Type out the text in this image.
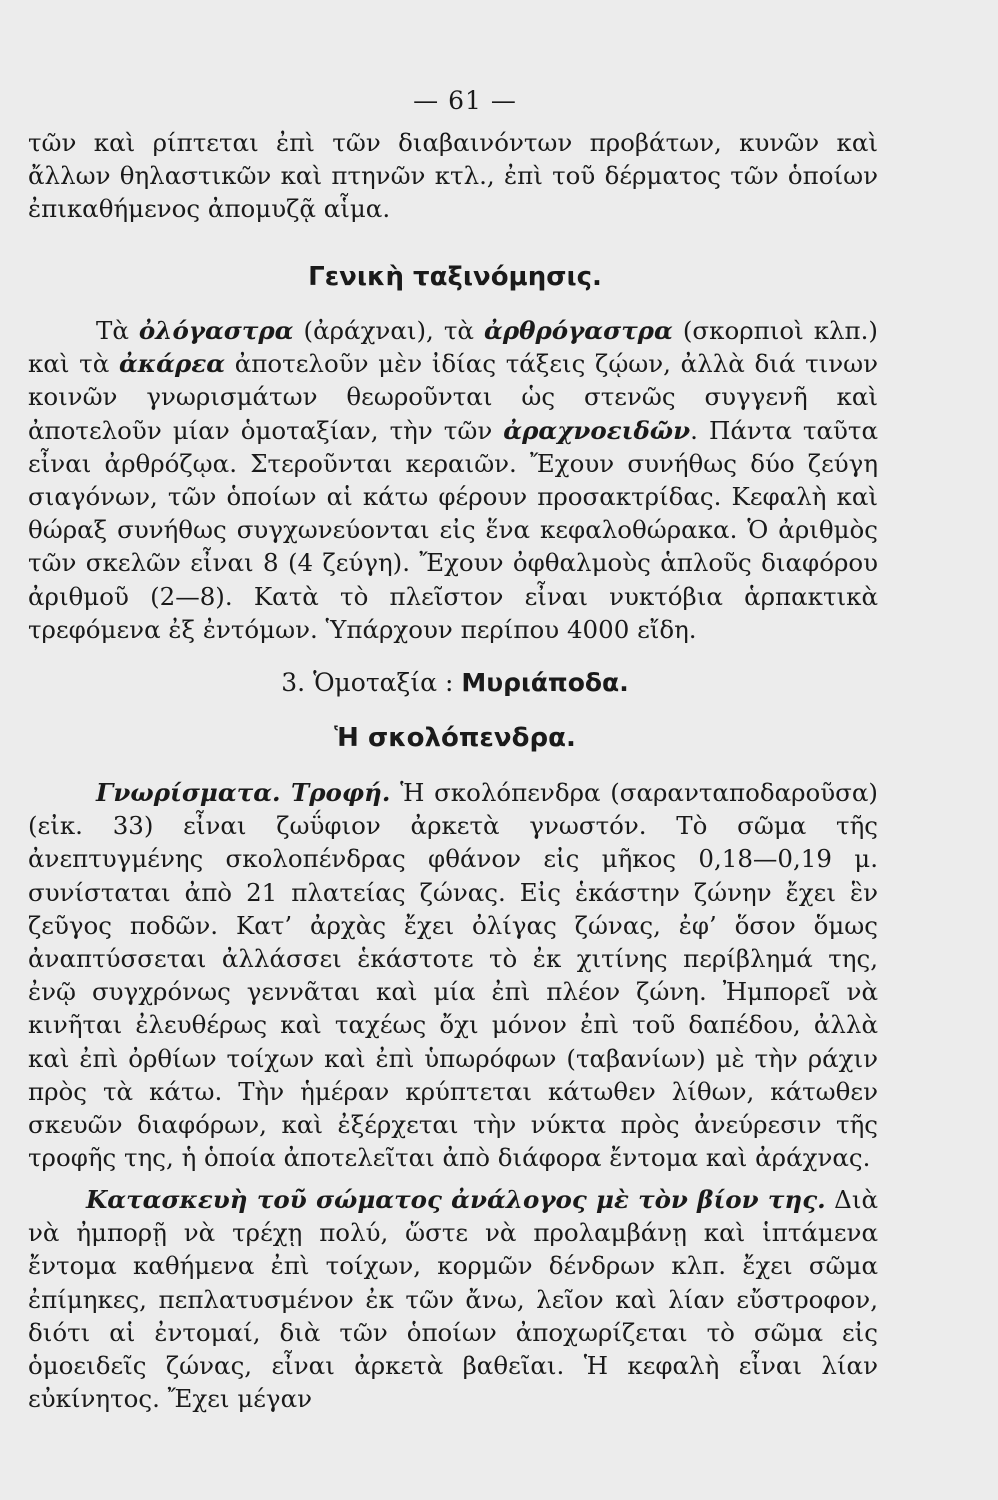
— 61 —

τῶν καὶ ρίπτεται ἐπὶ τῶν διαβαινόντων προβάτων, κυνῶν καὶ ἄλλων θηλαστικῶν καὶ πτηνῶν κτλ., ἐπὶ τοῦ δέρματος τῶν ὁποίων ἐπικαθήμενος ἀπομυζᾷ αἷμα.

Γενικὴ ταξινόμησις.

Τὰ ὀλόγαστρα (ἀράχναι), τὰ ἀρθρόγαστρα (σκορπιοὶ κλπ.) καὶ τὰ ἀκάρεα ἀποτελοῦν μὲν ἰδίας τάξεις ζῴων, ἀλλὰ διά τινων κοινῶν γνωρισμάτων θεωροῦνται ὡς στενῶς συγγενῆ καὶ ἀποτελοῦν μίαν ὁμοταξίαν, τὴν τῶν ἀραχνοειδῶν. Πάντα ταῦτα εἶναι ἀρθρόζῳα. Στεροῦνται κεραιῶν. Ἔχουν συνήθως δύο ζεύγη σιαγόνων, τῶν ὁποίων αἱ κάτω φέρουν προσακτρίδας. Κεφαλὴ καὶ θώραξ συνήθως συγχωνεύονται εἰς ἕνα κεφαλοθώρακα. Ὁ ἀριθμὸς τῶν σκελῶν εἶναι 8 (4 ζεύγη). Ἔχουν ὀφθαλμοὺς ἁπλοῦς διαφόρου ἀριθμοῦ (2—8). Κατὰ τὸ πλεῖστον εἶναι νυκτόβια ἁρπακτικὰ τρεφόμενα ἐξ ἐντόμων. Ὑπάρχουν περίπου 4000 εἴδη.

3. Ὁμοταξία : Μυριάποδα.
Ἡ σκολόπενδρα.

Γνωρίσματα. Τροφή. Ἡ σκολόπενδρα (σαρανταποδαροῦσα) (εἰκ. 33) εἶναι ζωΰφιον ἀρκετὰ γνωστόν. Τὸ σῶμα τῆς ἀνεπτυγμένης σκολοπένδρας φθάνον εἰς μῆκος 0,18—0,19 μ. συνίσταται ἀπὸ 21 πλατείας ζώνας. Εἰς ἑκάστην ζώνην ἔχει ἓν ζεῦγος ποδῶν. Κατ’ ἀρχὰς ἔχει ὀλίγας ζώνας, ἐφ’ ὅσον ὅμως ἀναπτύσσεται ἀλλάσσει ἑκάστοτε τὸ ἐκ χιτίνης περίβλημά της, ἐνῷ συγχρόνως γεννᾶται καὶ μία ἐπὶ πλέον ζώνη. Ἠμπορεῖ νὰ κινῆται ἐλευθέρως καὶ ταχέως ὄχι μόνον ἐπὶ τοῦ δαπέδου, ἀλλὰ καὶ ἐπὶ ὀρθίων τοίχων καὶ ἐπὶ ὑπωρόφων (ταβανίων) μὲ τὴν ράχιν πρὸς τὰ κάτω. Τὴν ἡμέραν κρύπτεται κάτωθεν λίθων, κάτωθεν σκευῶν διαφόρων, καὶ ἐξέρχεται τὴν νύκτα πρὸς ἀνεύρεσιν τῆς τροφῆς της, ἡ ὁποία ἀποτελεῖται ἀπὸ διάφορα ἔντομα καὶ ἀράχνας.

Κατασκευὴ τοῦ σώματος ἀνάλογος μὲ τὸν βίον της. Διὰ νὰ ἠμπορῇ νὰ τρέχῃ πολύ, ὥστε νὰ προλαμβάνῃ καὶ ἱπτάμενα ἔντομα καθήμενα ἐπὶ τοίχων, κορμῶν δένδρων κλπ. ἔχει σῶμα ἐπίμηκες, πεπλατυσμένον ἐκ τῶν ἄνω, λεῖον καὶ λίαν εὔστροφον, διότι αἱ ἐντομαί, διὰ τῶν ὁποίων ἀποχωρίζεται τὸ σῶμα εἰς ὁμοειδεῖς ζώνας, εἶναι ἀρκετὰ βαθεῖαι. Ἡ κεφαλὴ εἶναι λίαν εὐκίνητος. Ἔχει μέγαν
